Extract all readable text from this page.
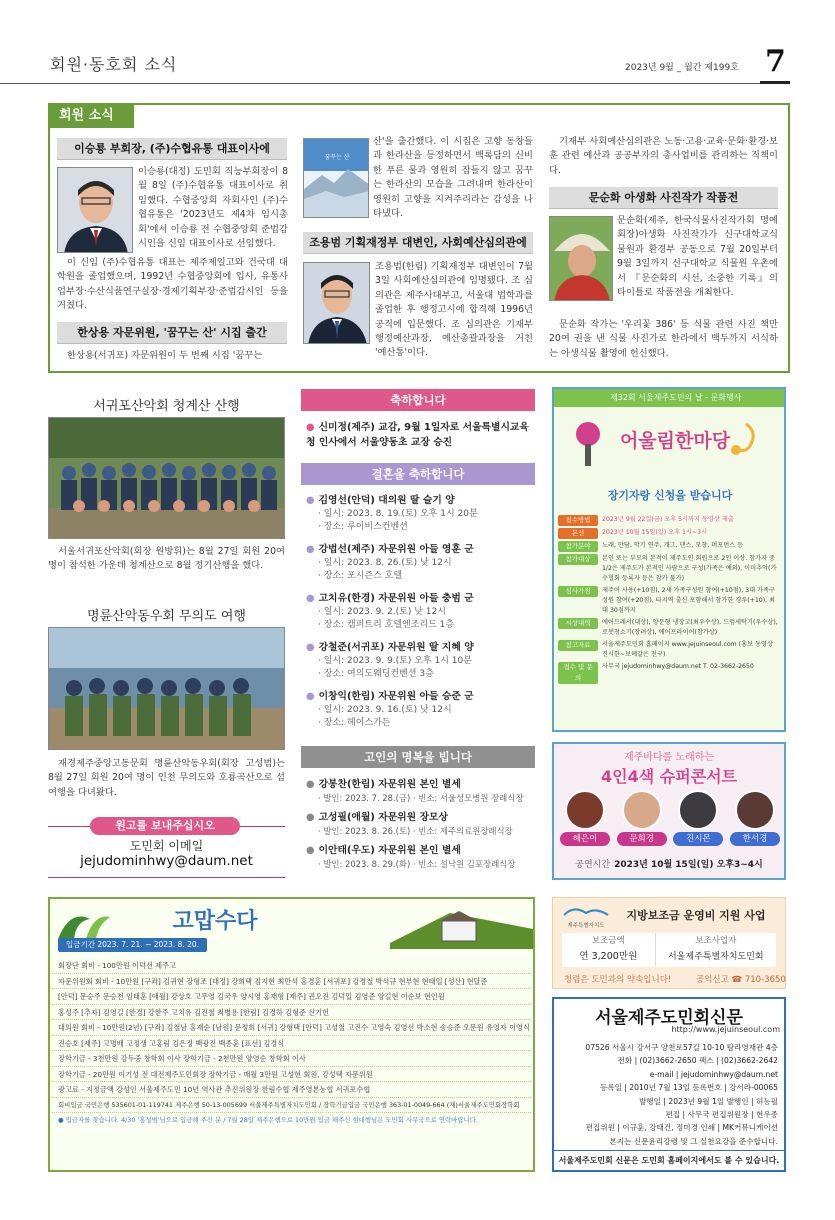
회원·동호회 소식	2023년 9월 _ 월간 제199호 7
회원 소식
이승룡 부회장, (주)수협유통 대표이사에
이승룡(대정) 도민회 직능부회장이 8월 8일 (주)수협유통 대표이사로 취임했다. 수협중앙회 자회사인 (주)수협유통은 '2023년도 제4차 임시총회'에서 이승룡 전 수협중앙회 준법감시인을 신임 대표이사로 선임했다.
이 신임 (주)수협유통 대표는 제주제일고와 건국대 대학원을 졸업했으며, 1992년 수협중앙회에 입사, 유통사업부장·수산식품연구실장·경제기획부장·준법감시인 등을 거쳤다.
한상용 자문위원, '꿈꾸는 산' 시집 출간
한상용(서귀포) 자문위원이 두 번째 시집 '꿈꾸는
꿈꾸는 산
산'을 출간했다. 이 시집은 고향 동창들과 한라산을 등정하면서 백록담의 신비한 푸른 물과 영원히 잠들지 않고 꿈꾸는 한라산의 모습을 그려내며 한라산이 영원히 고향을 지켜주리라는 감성을 나타냈다.
조용범 기획재정부 대변인, 사회예산심의관에
조용범(한림) 기획재정부 대변인이 7월 3일 사회예산심의관에 임명됐다. 조 심의관은 제주사대부고, 서울대 법학과를 졸업한 후 행정고시에 합격해 1996년 공직에 입문했다. 조 심의관은 기재부 행정예산과장, 예산총괄과장을 거친 '예산통'이다.
기재부 사회예산심의관은 노동·고용·교육·문화·환경·보훈 관련 예산과 공공부자의 총사업비를 관리하는 직책이다.
문순화 아생화 사진작가 작품전
문순화(제주, 한국식물사진작가회 명예회장)아생화 사진작가가 신구대학교식물원과 환경부 공동으로 7월 20일부터 9월 3일까지 신구대학교 식물원 우촌에서 『문순화의 시선, 소중한 기록』의 타이틀로 작품전을 개최한다.
문순화 작가는 '우리꽃 386' 등 식물 관련 사진 책만 20여 권을 낸 식물 사진가로 한라에서 백두까지 서식하는 아생식물 촬영에 헌신했다.
서귀포산악회 청계산 산행
서울서귀포산악회(회장 원방휘)는 8월 27일 회원 20여 명이 참석한 가운데 청계산으로 8월 정기산행을 했다.
명륜산악동우회 무의도 여행
재경제주중앙고동문회 명륜산악동우회(회장 고성범)는 8월 27일 회원 20여 명이 인천 무의도와 호룡곡산으로 섬 여행을 다녀왔다.
원고를 보내주십시오
도민회 이메일
jejudominhwy@daum.net
축하합니다
● 신미정(제주) 교감, 9월 1일자로 서울특별시교육청 인사에서 서울양동초 교장 승진
결혼을 축하합니다
● 김영선(안덕) 대의원 딸 슬기 양
· 일시: 2023. 8. 19.(토) 오후 1시 20분
· 장소: 루이비스컨벤션
● 강법선(제주) 자문위원 아들 영훈 군
· 일시: 2023. 8. 26.(토) 낮 12시
· 장소: 포시즌스 호텔
● 고치유(한경) 자문위원 아들 충범 군
· 일시: 2023. 9. 2.(토) 낮 12시
· 장소: 캠퍼트리 호텔엔조리드 1층
● 강철준(서귀포) 자문위원 딸 지혜 양
· 일시: 2023. 9. 9.(토) 오후 1시 10분
· 장소: 여의도웨딩컨벤션 3층
● 이창익(한림) 자문위원 아들 승준 군
· 일시: 2023. 9. 16.(토) 낮 12시
· 장소: 헤이스가든
고인의 명복을 빕니다
● 강봉찬(한림) 자문위원 본인 별세
· 발인: 2023. 7. 28.(금) · 빈소: 서울성모병원 장례식장
● 고성필(애월) 자문위원 장모상
· 발인: 2023. 8. 26.(토) · 빈소: 제주의료원장례식장
● 이안태(우도) 자문위원 본인 별세
· 발인: 2023. 8. 29.(화) · 빈소: 설낙원 김포장례식장
제32회 서울제주도민의 날 - 문화행사
어울림한마당
장기자랑 신청을 받습니다
접수방법	2023년 9월 22일(금) 오후 5시까지 동영상 제출
본선	2023년 10월 15일(일) 오후 1시~3시
참가분야	노래, 만담, 악기 연주, 개그, 댄스, 모창, 퍼포먼스 등
참가대상	본인 또는 부모의 본적이 제주도인 회원으로 2인 이상. 참가자 중 1/2은 제주도가 본적인 사람으로 구성(가족은 예외). 이미추억(가수협회 등록자 등은 참가 불가)
심사가점	제주어 사용(+10점), 2세 가족구성원 참여(+10점), 3대 가족구성원 참여(+20점), 타지역 출신 포함해서 참가한 경우(+10), 최대 30점까지
시상내역	에어드레서(대상), 양문형 냉장고(최우수상), 드럼세탁기(우수상), 로봇청소기(장려상), 에어프라이어(참가상)
참고자료	서울제주도민회 홈페이지 www.jejuinseoul.com (홍보 동영상 진시한~보헤갈은 친구)
접수 및 문의
사무국 jejudominhwy@daum.net T. 02-3662-2650
제주바다를 노래하는
4인4색 슈퍼콘서트
혜은이	문희경	진시몬	한서경
공연시간 2023년 10월 15일(일) 오후3~4시
고맙수다
입금기간 2023. 7. 21. ~ 2023. 8. 20.
회장단 회비 - 100만원 이덕선 제주고
자문위원회 회비 - 10만원 [구좌] 김귀현 장형조 [대정] 강희택 김지현 최만석 홍경훈 [서귀포] 강경철 박석규 현부현 현태일 [성산] 현달준
[안덕] 문승주 문승천 임태훈 [애월] 강상호 고무영 김국우 양시영 홍재형 [제주] 권오진 김덕일 김영준 양길현 이순보 현인원
홍성주 [추자] 김영길 [한경] 강한주 고치유 김진철 최병용 [한림] 김경하 김형준 신기헌
대의원 회비 - 10만원(2년) [구좌] 김철남 홍재순 [남원] 문정희 [서귀] 강형택 [안덕] 고성철 고진수 고영숙 김영선 박소현 송승준 오문원 유영자 이영식
진승호 [제주] 고명배 고정생 고홍림 김은정 백광진 백종훈 [표선] 김경식
장학기금 - 3천만원 강두중 창학회 이사 장학기금 - 2천만원 양영순 창학회 이사
장학기금 - 20만원 이기성 전 대전제주도민회장 장학기금 - 매월 3만원 고성현 회원, 강성택 자문위원
광고료 - 지정금액 강성인 서울제주도민 10년 역사관 추진위원장 한림수협 제주영본농협 서귀포수협
회비입금 국민은행 535601-01-119741 제주은행 50-13-005699 서울제주특별자치도민회 / 장학기금입금 국민은행 363-01-0049-664 (재)서울제주도민회장학회
● 입금자를 찾습니다. 4/30 '홍성범'님으로 입금해 주신 분 / 7월 28일 제주은행으로 10만원 입금 해주신 현대행님은 도민회 사무국으로 연락바랍니다.
제주특별자치도
지방보조금 운영비 지원 사업
보조금액
연 3,200만원
보조사업자
서울제주특별자치도민회
청렴은 도민과의 약속입니다!	공익신고 ☎ 710-3650
서울제주도민회신문
http://www.jejuinseoul.com
07526 서울시 강서구 양천로57길 10-10 탐라영재관 4층
전화 | (02)3662-2650 팩스 | (02)3662-2642
e-mail | jejudominhwy@daum.net
등록일 | 2010년 7월 13일 등록번호 | 강서라-00065
발행일 | 2023년 9월 1일 발행인 | 허능필
편집 | 사무국 편집위원장 | 현우종
편집위원 | 이규훈, 강태건, 정미경 인쇄 | MK커뮤니케이션
본지는 신문윤리강령 및 그 실천요강을 준수합니다.
서울제주도민회 신문은 도민회 홈페이지에서도 볼 수 있습니다.
